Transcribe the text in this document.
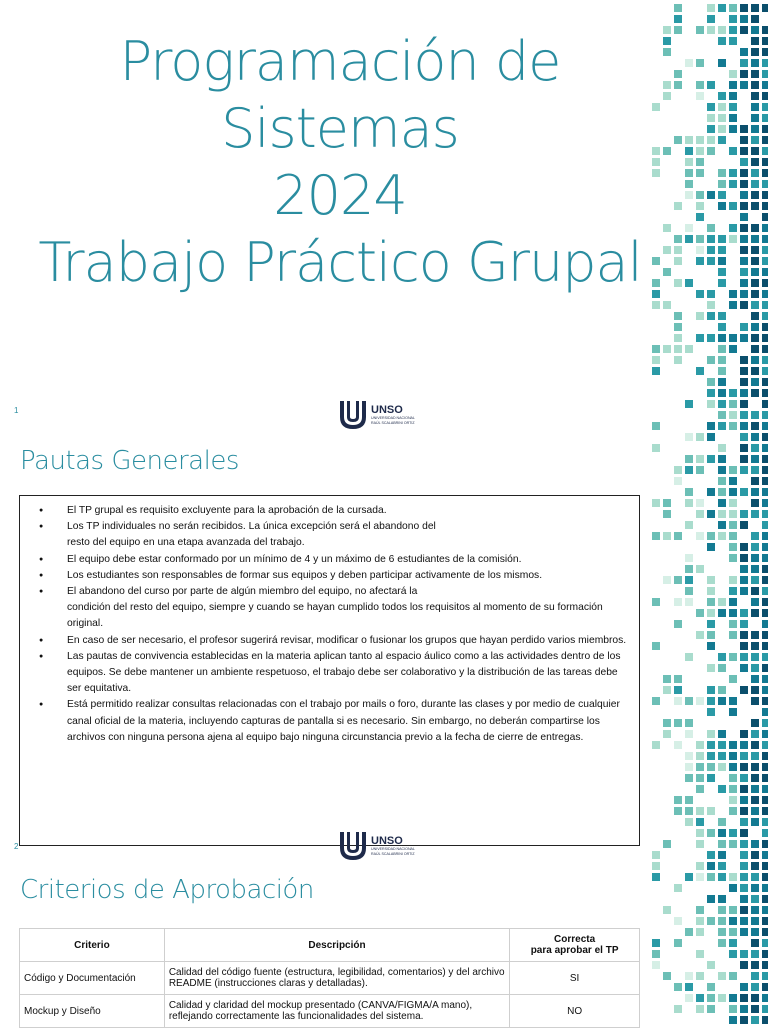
Programación de
Sistemas
2024
Trabajo Práctico Grupal
1	UNSO
UNIVERSIDAD NACIONAL
RAÚL SCALABRINI ORTIZ
Pautas Generales
● El TP grupal es requisito excluyente para la aprobación de la cursada.
● Los TP individuales no serán recibidos. La única excepción será el abandono del
resto del equipo en una etapa avanzada del trabajo.
● El equipo debe estar conformado por un mínimo de 4 y un máximo de 6 estudiantes de la comisión.
● Los estudiantes son responsables de formar sus equipos y deben participar activamente de los mismos.
● El abandono del curso por parte de algún miembro del equipo, no afectará la
condición del resto del equipo, siempre y cuando se hayan cumplido todos los requisitos al momento de su formación original.
● En caso de ser necesario, el profesor sugerirá revisar, modificar o fusionar los grupos que hayan perdido varios miembros.
● Las pautas de convivencia establecidas en la materia aplican tanto al espacio áulico como a las actividades dentro de los equipos. Se debe mantener un ambiente respetuoso, el trabajo debe ser colaborativo y la distribución de las tareas debe ser equitativa.
● Está permitido realizar consultas relacionadas con el trabajo por mails o foro, durante las clases y por medio de cualquier canal oficial de la materia, incluyendo capturas de pantalla si es necesario. Sin embargo, no deberán compartirse los archivos con ninguna persona ajena al equipo bajo ninguna circunstancia previo a la fecha de cierre de entregas.
2	UNSO
UNIVERSIDAD NACIONAL
RAÚL SCALABRINI ORTIZ
Criterios de Aprobación
Criterio	Descripción	Correcta
para aprobar el TP
Código y Documentación	Calidad del código fuente (estructura, legibilidad, comentarios) y del archivo README (instrucciones claras y detalladas).	SI
Mockup y Diseño	Calidad y claridad del mockup presentado (CANVA/FIGMA/A mano), reflejando correctamente las funcionalidades del sistema.	NO
